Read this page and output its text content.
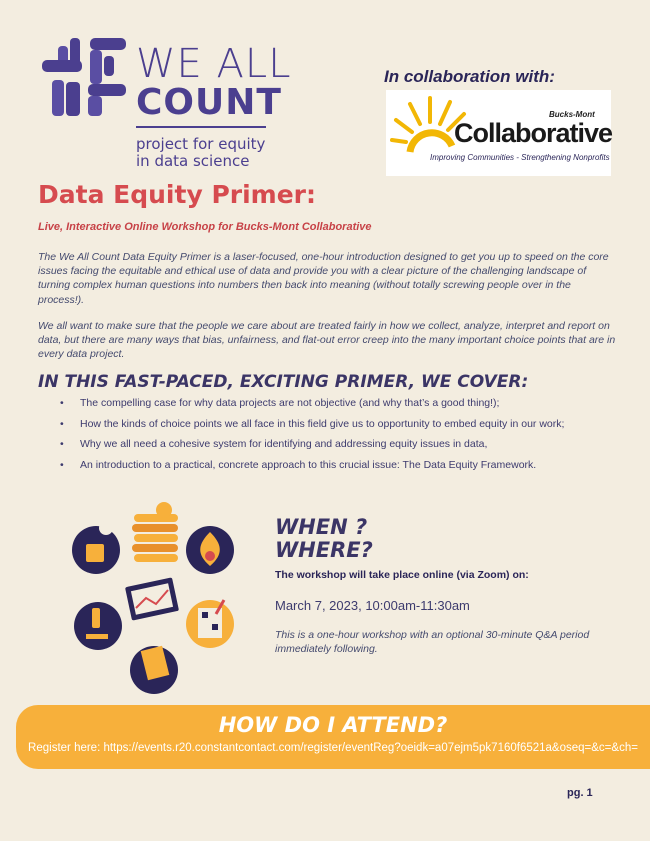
WE ALL
COUNT
project for equity
in data science
In collaboration with:
Bucks-Mont
Collaborative
Improving Communities - Strengthening Nonprofits
Data Equity Primer:
Live, Interactive Online Workshop for Bucks-Mont Collaborative
The We All Count Data Equity Primer is a laser-focused, one-hour introduction designed to get you up to speed on the core issues facing the equitable and ethical use of data and provide you with a clear picture of the challenging landscape of turning complex human questions into numbers then back into meaning (without totally screwing people over in the process!).
We all want to make sure that the people we care about are treated fairly in how we collect, analyze, interpret and report on data, but there are many ways that bias, unfairness, and flat-out error creep into the many important choice points that are in every data project.
IN THIS FAST-PACED, EXCITING PRIMER, WE COVER:
• The compelling case for why data projects are not objective (and why that’s a good thing!);
• How the kinds of choice points we all face in this field give us to opportunity to embed equity in our work;
• Why we all need a cohesive system for identifying and addressing equity issues in data,
• An introduction to a practical, concrete approach to this crucial issue: The Data Equity Framework.
WHEN ?
WHERE?
The workshop will take place online (via Zoom) on:
March 7, 2023, 10:00am-11:30am
This is a one-hour workshop with an optional 30-minute Q&A period immediately following.
HOW DO I ATTEND?
Register here: https://events.r20.constantcontact.com/register/eventReg?oeidk=a07ejm5pk7160f6521a&oseq=&c=&ch=
pg. 1
